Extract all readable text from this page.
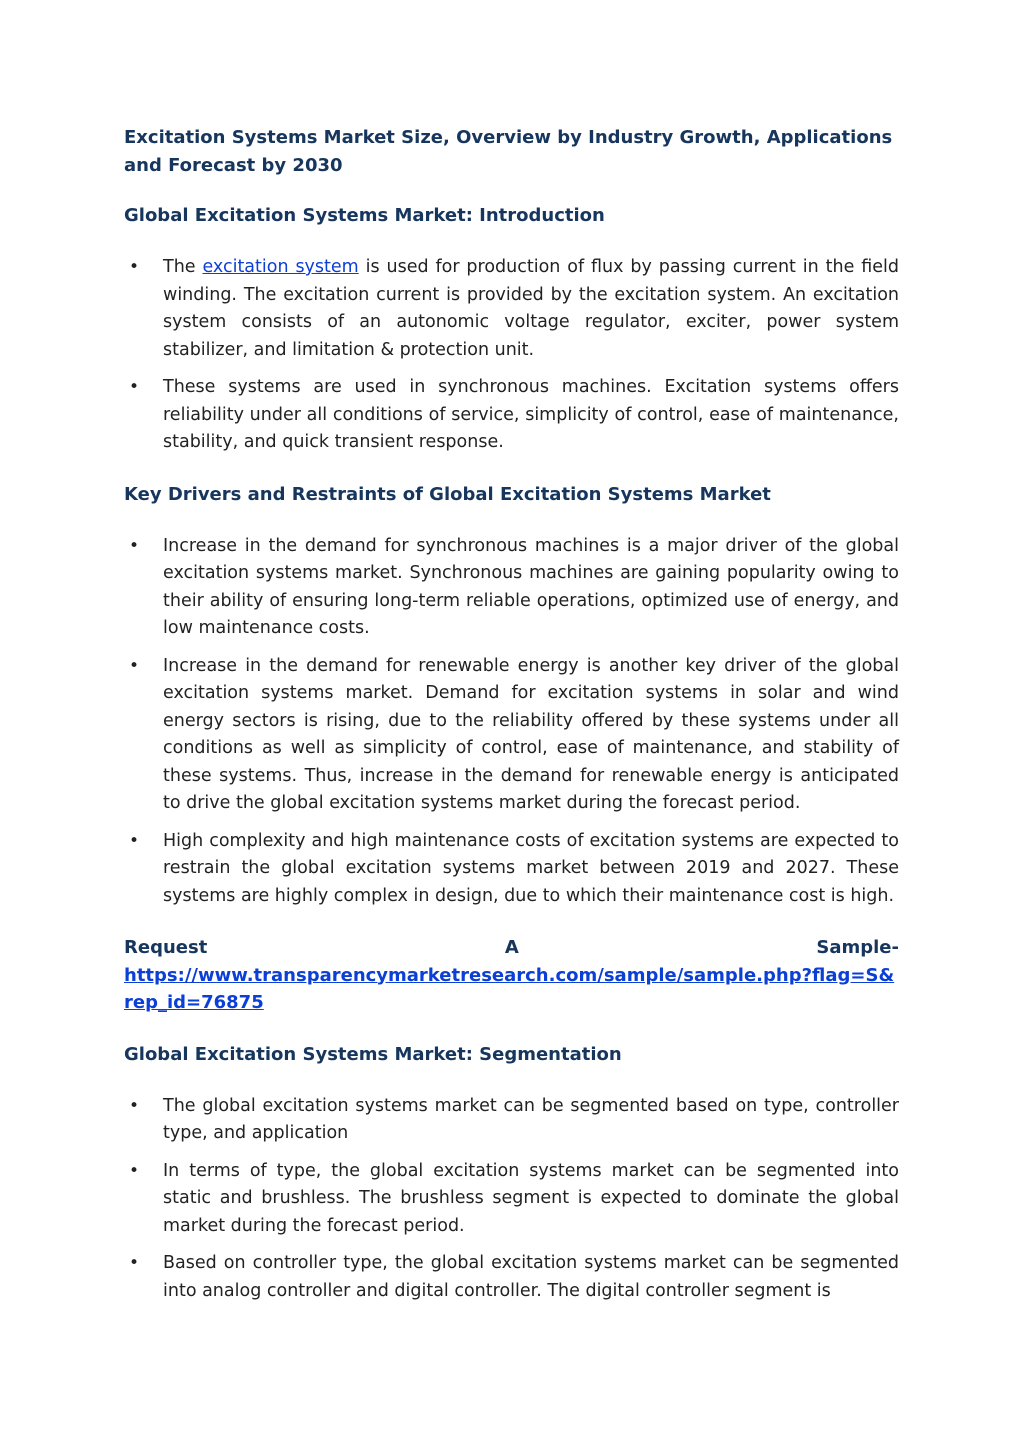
Excitation Systems Market Size, Overview by Industry Growth, Applications and Forecast by 2030
Global Excitation Systems Market: Introduction
• The excitation system is used for production of flux by passing current in the field winding. The excitation current is provided by the excitation system. An excitation system consists of an autonomic voltage regulator, exciter, power system stabilizer, and limitation & protection unit.
• These systems are used in synchronous machines. Excitation systems offers reliability under all conditions of service, simplicity of control, ease of maintenance, stability, and quick transient response.
Key Drivers and Restraints of Global Excitation Systems Market
• Increase in the demand for synchronous machines is a major driver of the global excitation systems market. Synchronous machines are gaining popularity owing to their ability of ensuring long-term reliable operations, optimized use of energy, and low maintenance costs.
• Increase in the demand for renewable energy is another key driver of the global excitation systems market. Demand for excitation systems in solar and wind energy sectors is rising, due to the reliability offered by these systems under all conditions as well as simplicity of control, ease of maintenance, and stability of these systems. Thus, increase in the demand for renewable energy is anticipated to drive the global excitation systems market during the forecast period.
• High complexity and high maintenance costs of excitation systems are expected to restrain the global excitation systems market between 2019 and 2027. These systems are highly complex in design, due to which their maintenance cost is high.
Request	A	Sample-
https://www.transparencymarketresearch.com/sample/sample.php?flag=S&rep_id=76875
Global Excitation Systems Market: Segmentation
• The global excitation systems market can be segmented based on type, controller type, and application
• In terms of type, the global excitation systems market can be segmented into static and brushless. The brushless segment is expected to dominate the global market during the forecast period.
• Based on controller type, the global excitation systems market can be segmented into analog controller and digital controller. The digital controller segment is
